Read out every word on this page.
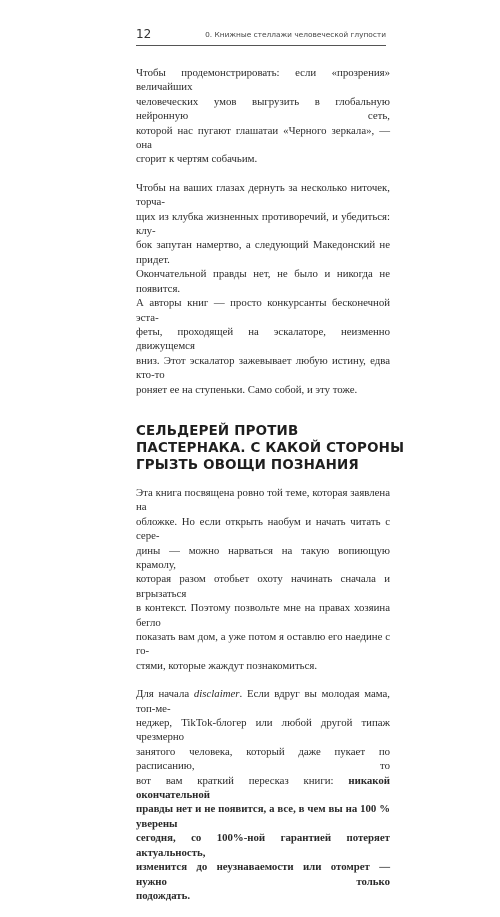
12	0. Книжные стеллажи человеческой глупости

Чтобы продемонстрировать: если «прозрения» величайших
человеческих умов выгрузить в глобальную нейронную сеть,
которой нас пугают глашатаи «Черного зеркала», — она
сгорит к чертям собачьим.

Чтобы на ваших глазах дернуть за несколько ниточек, торча-
щих из клубка жизненных противоречий, и убедиться: клу-
бок запутан намертво, а следующий Македонский не придет.
Окончательной правды нет, не было и никогда не появится.
А авторы книг — просто конкурсанты бесконечной эста-
феты, проходящей на эскалаторе, неизменно движущемся
вниз. Этот эскалатор зажевывает любую истину, едва кто-то
роняет ее на ступеньки. Само собой, и эту тоже.

СЕЛЬДЕРЕЙ ПРОТИВ
ПАСТЕРНАКА. С КАКОЙ СТОРОНЫ
ГРЫЗТЬ ОВОЩИ ПОЗНАНИЯ

Эта книга посвящена ровно той теме, которая заявлена на
обложке. Но если открыть наобум и начать читать с сере-
дины — можно нарваться на такую вопиющую крамолу,
которая разом отобьет охоту начинать сначала и вгрызаться
в контекст. Поэтому позвольте мне на правах хозяина бегло
показать вам дом, а уже потом я оставлю его наедине с го-
стями, которые жаждут познакомиться.

Для начала disclaimer. Если вдруг вы молодая мама, топ-ме-
неджер, TikTok-блогер или любой другой типаж чрезмерно
занятого человека, который даже пукает по расписанию, то
вот вам краткий пересказ книги: никакой окончательной
правды нет и не появится, а все, в чем вы на 100 % уверены
сегодня, со 100%-ной гарантией потеряет актуальность,
изменится до неузнаваемости или отомрет — нужно только
подождать.
